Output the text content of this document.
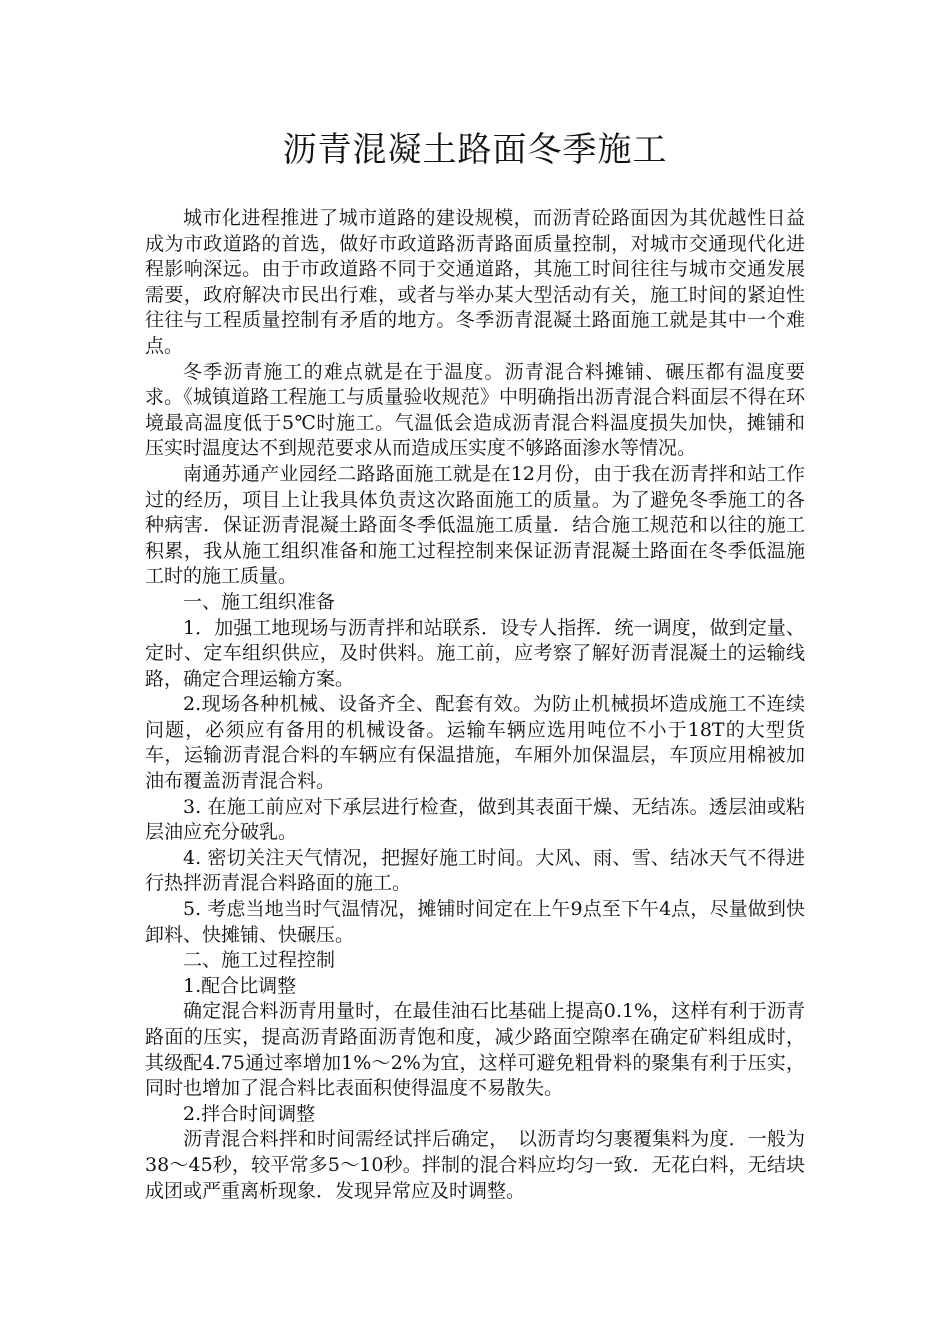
沥青混凝土路面冬季施工

城市化进程推进了城市道路的建设规模，而沥青砼路面因为其优越性日益成为市政道路的首选，做好市政道路沥青路面质量控制，对城市交通现代化进程影响深远。由于市政道路不同于交通道路，其施工时间往往与城市交通发展需要，政府解决市民出行难，或者与举办某大型活动有关，施工时间的紧迫性往往与工程质量控制有矛盾的地方。冬季沥青混凝土路面施工就是其中一个难点。

冬季沥青施工的难点就是在于温度。沥青混合料摊铺、碾压都有温度要求。《城镇道路工程施工与质量验收规范》中明确指出沥青混合料面层不得在环境最高温度低于5℃时施工。气温低会造成沥青混合料温度损失加快，摊铺和压实时温度达不到规范要求从而造成压实度不够路面渗水等情况。

南通苏通产业园经二路路面施工就是在12月份，由于我在沥青拌和站工作过的经历，项目上让我具体负责这次路面施工的质量。为了避免冬季施工的各种病害．保证沥青混凝土路面冬季低温施工质量．结合施工规范和以往的施工积累，我从施工组织准备和施工过程控制来保证沥青混凝土路面在冬季低温施工时的施工质量。

一、施工组织准备

1．加强工地现场与沥青拌和站联系．设专人指挥．统一调度，做到定量、定时、定车组织供应，及时供料。施工前，应考察了解好沥青混凝土的运输线路，确定合理运输方案。

2.现场各种机械、设备齐全、配套有效。为防止机械损坏造成施工不连续问题，必须应有备用的机械设备。运输车辆应选用吨位不小于18T的大型货车，运输沥青混合料的车辆应有保温措施，车厢外加保温层，车顶应用棉被加油布覆盖沥青混合料。

3. 在施工前应对下承层进行检查，做到其表面干燥、无结冻。透层油或粘层油应充分破乳。

4. 密切关注天气情况，把握好施工时间。大风、雨、雪、结冰天气不得进行热拌沥青混合料路面的施工。

5. 考虑当地当时气温情况，摊铺时间定在上午9点至下午4点，尽量做到快卸料、快摊铺、快碾压。

二、施工过程控制

1.配合比调整

确定混合料沥青用量时，在最佳油石比基础上提高0.1%，这样有利于沥青路面的压实，提高沥青路面沥青饱和度，减少路面空隙率在确定矿料组成时，其级配4.75通过率增加1%～2%为宜，这样可避免粗骨料的聚集有利于压实，同时也增加了混合料比表面积使得温度不易散失。

2.拌合时间调整

沥青混合料拌和时间需经试拌后确定，　以沥青均匀裹覆集料为度．一般为38～45秒，较平常多5～10秒。拌制的混合料应均匀一致．无花白料，无结块成团或严重离析现象．发现异常应及时调整。
